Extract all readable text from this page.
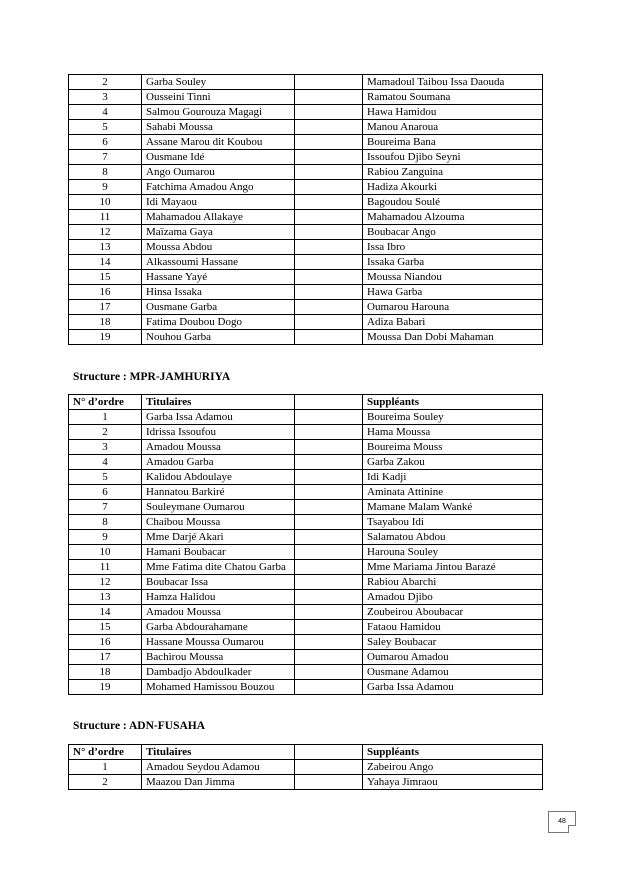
2	Garba Souley		Mamadoul Taibou Issa Daouda
3	Ousseini Tinni		Ramatou Soumana
4	Salmou Gourouza Magagi		Hawa Hamidou
5	Sahabi Moussa		Manou Anaroua
6	Assane Marou dit Koubou		Boureima Bana
7	Ousmane Idé		Issoufou Djibo Seyni
8	Ango Oumarou		Rabiou Zanguina
9	Fatchima Amadou Ango		Hadiza Akourki
10	Idi Mayaou		Bagoudou Soulé
11	Mahamadou Allakaye		Mahamadou Alzouma
12	Maïzama Gaya		Boubacar Ango
13	Moussa Abdou		Issa Ibro
14	Alkassoumi Hassane		Issaka Garba
15	Hassane Yayé		Moussa Niandou
16	Hinsa Issaka		Hawa Garba
17	Ousmane Garba		Oumarou Harouna
18	Fatima Doubou Dogo		Adiza Babari
19	Nouhou Garba		Moussa Dan Dobi Mahaman
Structure : MPR-JAMHURIYA
N° d’ordre	Titulaires		Suppléants
1	Garba Issa Adamou		Boureima Souley
2	Idrissa Issoufou		Hama Moussa
3	Amadou Moussa		Boureima Mouss
4	Amadou Garba		Garba Zakou
5	Kalidou Abdoulaye		Idi Kadji
6	Hannatou Barkiré		Aminata Attinine
7	Souleymane Oumarou		Mamane Malam Wanké
8	Chaibou Moussa		Tsayabou Idi
9	Mme Darjé Akari		Salamatou Abdou
10	Hamani Boubacar		Harouna Souley
11	Mme Fatima dite Chatou Garba		Mme Mariama Jintou Barazé
12	Boubacar Issa		Rabiou Abarchi
13	Hamza Halidou		Amadou Djibo
14	Amadou Moussa		Zoubeirou Aboubacar
15	Garba Abdourahamane		Fataou Hamidou
16	Hassane Moussa Oumarou		Saley Boubacar
17	Bachirou Moussa		Oumarou Amadou
18	Dambadjo Abdoulkader		Ousmane Adamou
19	Mohamed Hamissou Bouzou		Garba Issa Adamou
Structure : ADN-FUSAHA
N° d’ordre	Titulaires		Suppléants
1	Amadou Seydou Adamou		Zabeirou Ango
2	Maazou Dan Jimma		Yahaya Jimraou
48
